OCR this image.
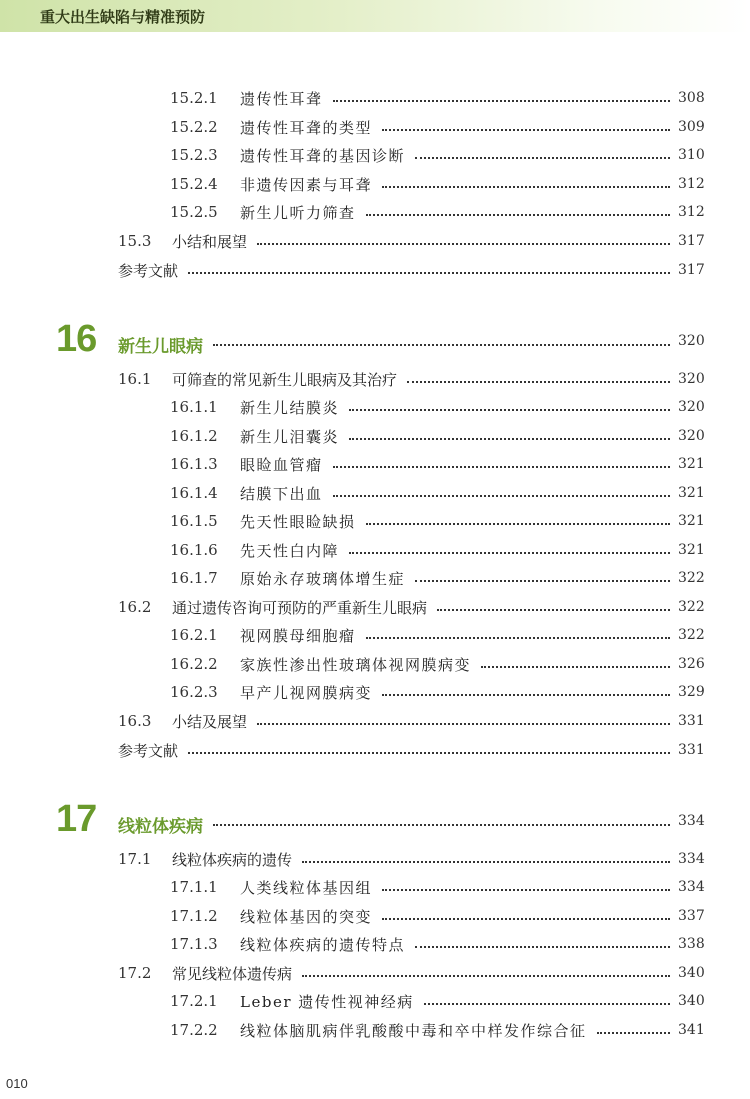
重大出生缺陷与精准预防
15.2.1 遗传性耳聋	308
15.2.2 遗传性耳聋的类型	309
15.2.3 遗传性耳聋的基因诊断	310
15.2.4 非遗传因素与耳聋	312
15.2.5 新生儿听力筛查	312
15.3 小结和展望	317
参考文献	317
16 新生儿眼病	320
16.1 可筛查的常见新生儿眼病及其治疗	320
16.1.1 新生儿结膜炎	320
16.1.2 新生儿泪囊炎	320
16.1.3 眼睑血管瘤	321
16.1.4 结膜下出血	321
16.1.5 先天性眼睑缺损	321
16.1.6 先天性白内障	321
16.1.7 原始永存玻璃体增生症	322
16.2 通过遗传咨询可预防的严重新生儿眼病	322
16.2.1 视网膜母细胞瘤	322
16.2.2 家族性渗出性玻璃体视网膜病变	326
16.2.3 早产儿视网膜病变	329
16.3 小结及展望	331
参考文献	331
17 线粒体疾病	334
17.1 线粒体疾病的遗传	334
17.1.1 人类线粒体基因组	334
17.1.2 线粒体基因的突变	337
17.1.3 线粒体疾病的遗传特点	338
17.2 常见线粒体遗传病	340
17.2.1 Leber 遗传性视神经病	340
17.2.2 线粒体脑肌病伴乳酸酸中毒和卒中样发作综合征	341
010
